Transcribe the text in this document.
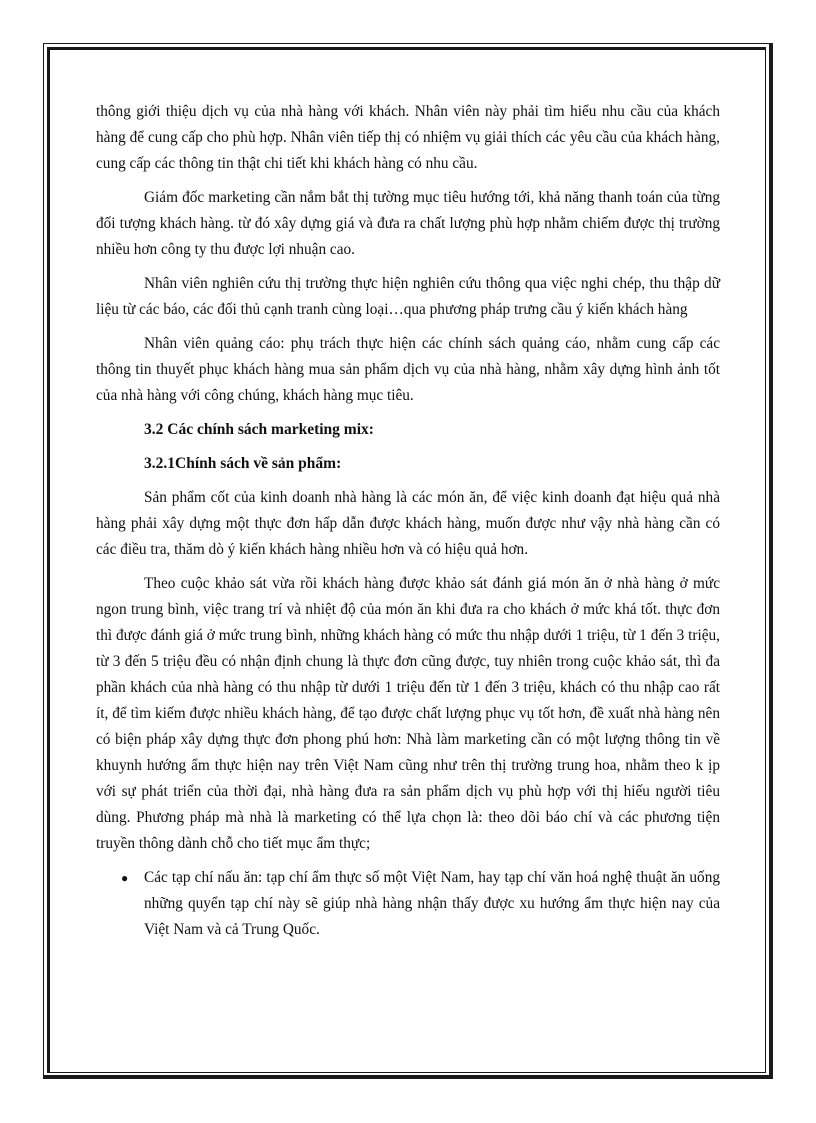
thông giới thiệu dịch vụ của nhà hàng với khách. Nhân viên này phải tìm hiểu nhu cầu của khách hàng để cung cấp cho phù hợp. Nhân viên tiếp thị có nhiệm vụ giải thích các yêu cầu của khách hàng, cung cấp các thông tin thật chi tiết khi khách hàng có nhu cầu.

Giám đốc marketing cần nắm bắt thị tường mục tiêu hướng tới, khả năng thanh toán của từng đối tượng khách hàng. từ đó xây dựng giá và đưa ra chất lượng phù hợp nhằm chiếm được thị trường nhiều hơn công ty thu được lợi nhuận cao.

Nhân viên nghiên cứu thị trường thực hiện nghiên cứu thông qua việc nghi chép, thu thập dữ liệu từ các báo, các đối thủ cạnh tranh cùng loại…qua phương pháp trưng cầu ý kiến khách hàng

Nhân viên quảng cáo: phụ trách thực hiện các chính sách quảng cáo, nhằm cung cấp các thông tin thuyết phục khách hàng mua sản phẩm dịch vụ của nhà hàng, nhằm xây dựng hình ảnh tốt của nhà hàng với công chúng, khách hàng mục tiêu.

3.2 Các chính sách marketing mix:
3.2.1Chính sách về sản phẩm:

Sản phẩm cốt của kinh doanh nhà hàng là các món ăn, để việc kinh doanh đạt hiệu quả nhà hàng phải xây dựng một thực đơn hấp dẫn được khách hàng, muốn được như vậy nhà hàng cần có các điều tra, thăm dò ý kiến khách hàng nhiều hơn và có hiệu quả hơn.

Theo cuộc khảo sát vừa rồi khách hàng được khảo sát đánh giá món ăn ở nhà hàng ở mức ngon trung bình, việc trang trí và nhiệt độ của món ăn khi đưa ra cho khách ở mức khá tốt. thực đơn thì được đánh giá ở mức trung bình, những khách hàng có mức thu nhập dưới 1 triệu, từ 1 đến 3 triệu, từ 3 đến 5 triệu đều có nhận định chung là thực đơn cũng được, tuy nhiên trong cuộc khảo sát, thì đa phần khách của nhà hàng có thu nhập từ dưới 1 triệu đến từ 1 đến 3 triệu, khách có thu nhập cao rất ít, để tìm kiếm được nhiều khách hàng, để tạo được chất lượng phục vụ tốt hơn, đề xuất nhà hàng nên có biện pháp xây dựng thực đơn phong phú hơn: Nhà làm marketing cần có một lượng thông tin về khuynh hướng ẩm thực hiện nay trên Việt Nam cũng như trên thị trường trung hoa, nhằm theo k ịp với sự phát triển của thời đại, nhà hàng đưa ra sản phẩm dịch vụ phù hợp với thị hiếu người tiêu dùng. Phương pháp mà nhà là marketing có thể lựa chọn là: theo dõi báo chí và các phương tiện truyền thông dành chỗ cho tiết mục ẩm thực;

● Các tạp chí nấu ăn: tạp chí ẩm thực số một Việt Nam, hay tạp chí văn hoá nghệ thuật ăn uống những quyển tạp chí này sẽ giúp nhà hàng nhận thấy được xu hướng ẩm thực hiện nay của Việt Nam và cả Trung Quốc.
